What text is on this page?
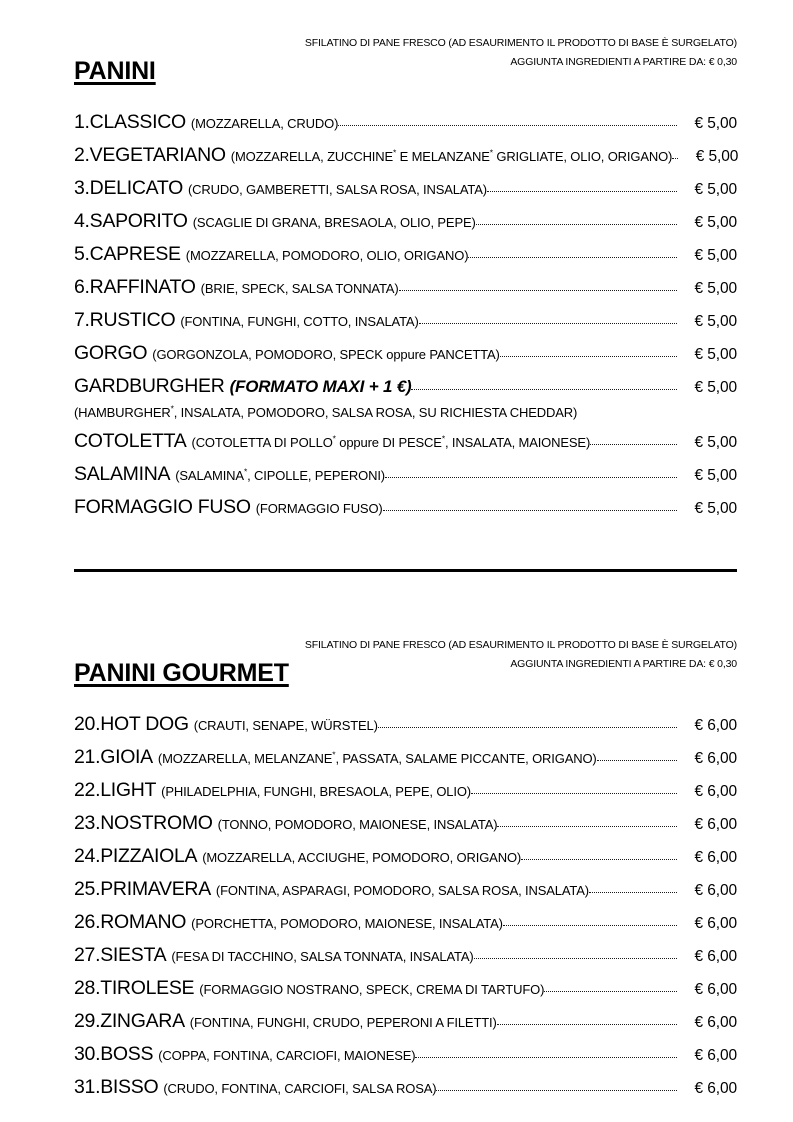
PANINI
SFILATINO DI PANE FRESCO (AD ESAURIMENTO IL PRODOTTO DI BASE È SURGELATO)
AGGIUNTA INGREDIENTI A PARTIRE DA: € 0,30
1.CLASSICO (MOZZARELLA, CRUDO)	€ 5,00
2.VEGETARIANO (MOZZARELLA, ZUCCHINE* E MELANZANE* GRIGLIATE, OLIO, ORIGANO)	€ 5,00
3.DELICATO (CRUDO, GAMBERETTI, SALSA ROSA, INSALATA)	€ 5,00
4.SAPORITO (SCAGLIE DI GRANA, BRESAOLA, OLIO, PEPE)	€ 5,00
5.CAPRESE (MOZZARELLA, POMODORO, OLIO, ORIGANO)	€ 5,00
6.RAFFINATO (BRIE, SPECK, SALSA TONNATA)	€ 5,00
7.RUSTICO (FONTINA, FUNGHI, COTTO, INSALATA)	€ 5,00
GORGO (GORGONZOLA, POMODORO, SPECK oppure PANCETTA)	€ 5,00
GARDBURGHER (FORMATO MAXI + 1 €)	€ 5,00
(HAMBURGHER*, INSALATA, POMODORO, SALSA ROSA, SU RICHIESTA CHEDDAR)
COTOLETTA (COTOLETTA DI POLLO* oppure DI PESCE*, INSALATA, MAIONESE)	€ 5,00
SALAMINA (SALAMINA*, CIPOLLE, PEPERONI)	€ 5,00
FORMAGGIO FUSO (FORMAGGIO FUSO)	€ 5,00
PANINI GOURMET
SFILATINO DI PANE FRESCO (AD ESAURIMENTO IL PRODOTTO DI BASE È SURGELATO)
AGGIUNTA INGREDIENTI A PARTIRE DA: € 0,30
20.HOT DOG (CRAUTI, SENAPE, WÜRSTEL)	€ 6,00
21.GIOIA (MOZZARELLA, MELANZANE*, PASSATA, SALAME PICCANTE, ORIGANO)	€ 6,00
22.LIGHT (PHILADELPHIA, FUNGHI, BRESAOLA, PEPE, OLIO)	€ 6,00
23.NOSTROMO (TONNO, POMODORO, MAIONESE, INSALATA)	€ 6,00
24.PIZZAIOLA (MOZZARELLA, ACCIUGHE, POMODORO, ORIGANO)	€ 6,00
25.PRIMAVERA (FONTINA, ASPARAGI, POMODORO, SALSA ROSA, INSALATA)	€ 6,00
26.ROMANO (PORCHETTA, POMODORO, MAIONESE, INSALATA)	€ 6,00
27.SIESTA (FESA DI TACCHINO, SALSA TONNATA, INSALATA)	€ 6,00
28.TIROLESE (FORMAGGIO NOSTRANO, SPECK, CREMA DI TARTUFO)	€ 6,00
29.ZINGARA (FONTINA, FUNGHI, CRUDO, PEPERONI A FILETTI)	€ 6,00
30.BOSS (COPPA, FONTINA, CARCIOFI, MAIONESE)	€ 6,00
31.BISSO (CRUDO, FONTINA, CARCIOFI, SALSA ROSA)	€ 6,00
